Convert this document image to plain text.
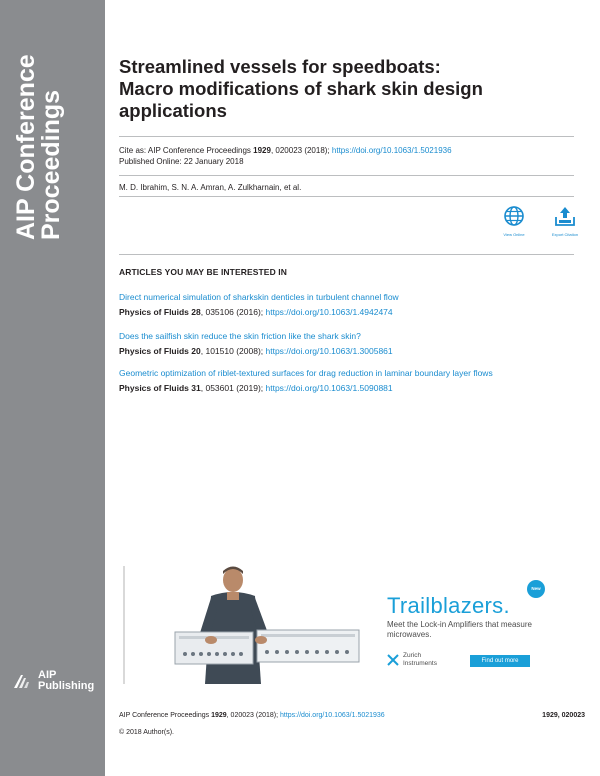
AIP Conference
Proceedings
AIP
Publishing
Streamlined vessels for speedboats:
Macro modifications of shark skin design
applications
Cite as: AIP Conference Proceedings 1929, 020023 (2018); https://doi.org/10.1063/1.5021936
Published Online: 22 January 2018
M. D. Ibrahim, S. N. A. Amran, A. Zulkharnain, et al.
View Online	Export Citation
ARTICLES YOU MAY BE INTERESTED IN
Direct numerical simulation of sharkskin denticles in turbulent channel flow
Physics of Fluids 28, 035106 (2016); https://doi.org/10.1063/1.4942474
Does the sailfish skin reduce the skin friction like the shark skin?
Physics of Fluids 20, 101510 (2008); https://doi.org/10.1063/1.3005861
Geometric optimization of riblet-textured surfaces for drag reduction in laminar boundary layer flows
Physics of Fluids 31, 053601 (2019); https://doi.org/10.1063/1.5090881
New
Trailblazers.
Meet the Lock-in Amplifiers that measure microwaves.
Zurich
Instruments	Find out more
AIP Conference Proceedings 1929, 020023 (2018); https://doi.org/10.1063/1.5021936	1929, 020023
© 2018 Author(s).
